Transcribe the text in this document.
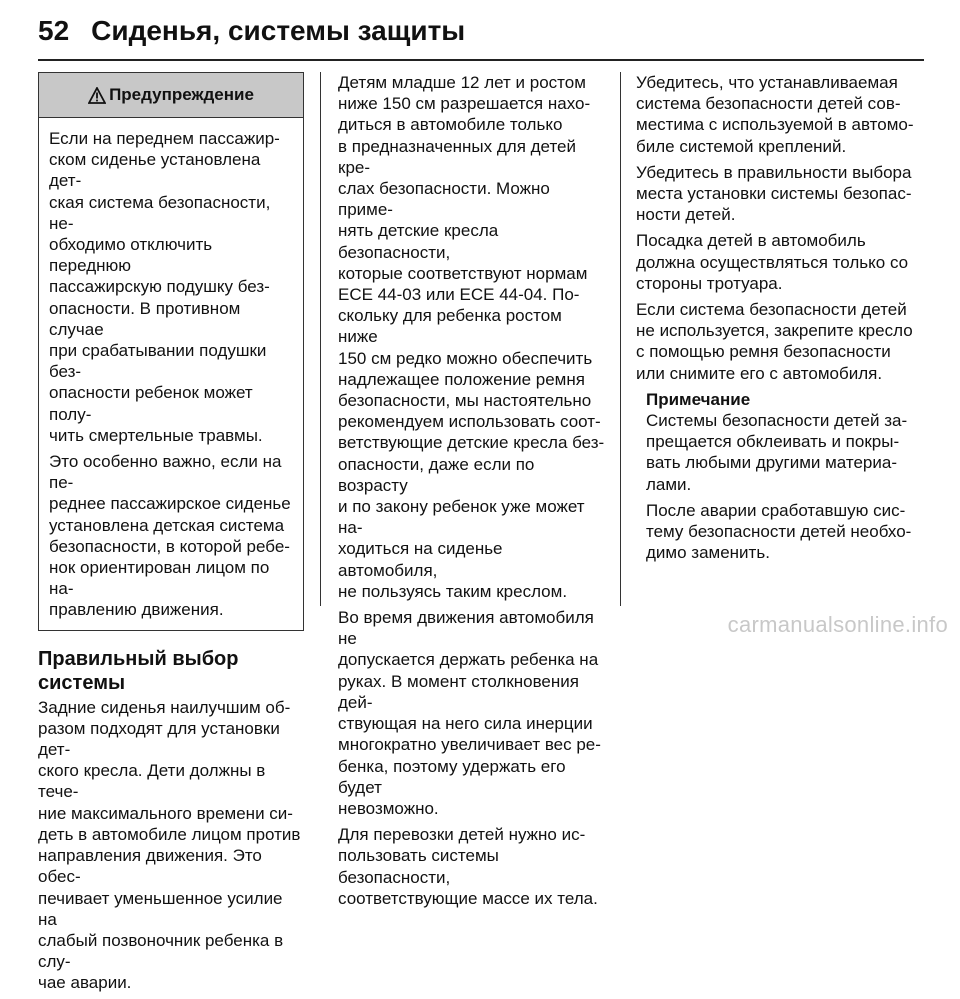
52 Сиденья, системы защиты
Предупреждение

Если на переднем пассажир-
ском сиденье установлена дет-
ская система безопасности, не-
обходимо отключить переднюю
пассажирскую подушку без-
опасности. В противном случае
при срабатывании подушки без-
опасности ребенок может полу-
чить смертельные травмы.

Это особенно важно, если на пе-
реднее пассажирское сиденье
установлена детская система
безопасности, в которой ребе-
нок ориентирован лицом по на-
правлению движения.

Правильный выбор системы

Задние сиденья наилучшим об-
разом подходят для установки дет-
ского кресла. Дети должны в тече-
ние максимального времени си-
деть в автомобиле лицом против
направления движения. Это обес-
печивает уменьшенное усилие на
слабый позвоночник ребенка в слу-
чае аварии.

Детям младше 12 лет и ростом
ниже 150 см разрешается нахо-
диться в автомобиле только
в предназначенных для детей кре-
слах безопасности. Можно приме-
нять детские кресла безопасности,
которые соответствуют нормам
ECE 44-03 или ECE 44-04. По-
скольку для ребенка ростом ниже
150 см редко можно обеспечить
надлежащее положение ремня
безопасности, мы настоятельно
рекомендуем использовать соот-
ветствующие детские кресла без-
опасности, даже если по возрасту
и по закону ребенок уже может на-
ходиться на сиденье автомобиля,
не пользуясь таким креслом.

Во время движения автомобиля не
допускается держать ребенка на
руках. В момент столкновения дей-
ствующая на него сила инерции
многократно увеличивает вес ре-
бенка, поэтому удержать его будет
невозможно.

Для перевозки детей нужно ис-
пользовать системы безопасности,
соответствующие массе их тела.

Убедитесь, что устанавливаемая
система безопасности детей сов-
местима с используемой в автомо-
биле системой креплений.

Убедитесь в правильности выбора
места установки системы безопас-
ности детей.

Посадка детей в автомобиль
должна осуществляться только со
стороны тротуара.

Если система безопасности детей
не используется, закрепите кресло
с помощью ремня безопасности
или снимите его с автомобиля.

Примечание

Системы безопасности детей за-
прещается обклеивать и покры-
вать любыми другими материа-
лами.

После аварии сработавшую сис-
тему безопасности детей необхо-
димо заменить.

carmanualsonline.info
